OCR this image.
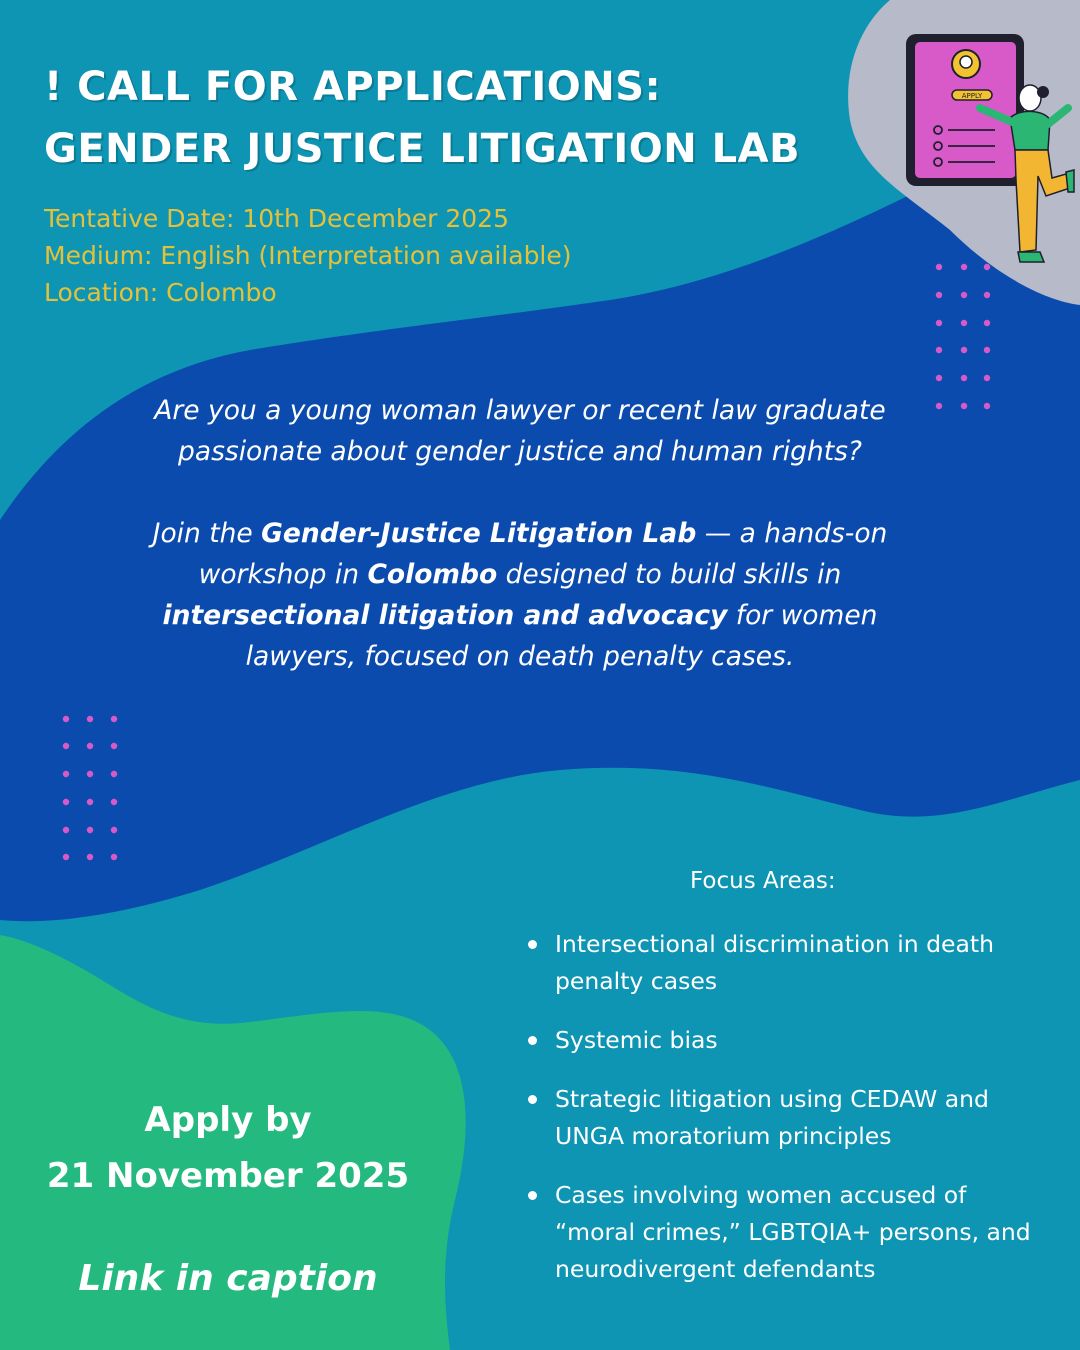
APPLY
! CALL FOR APPLICATIONS:
GENDER JUSTICE LITIGATION LAB
Tentative Date: 10th December 2025
Medium: English (Interpretation available)
Location: Colombo

Are you a young woman lawyer or recent law graduate passionate about gender justice and human rights?

Join the Gender-Justice Litigation Lab — a hands-on workshop in Colombo designed to build skills in intersectional litigation and advocacy for women lawyers, focused on death penalty cases.

Focus Areas:
Intersectional discrimination in death penalty cases
Systemic bias
Strategic litigation using CEDAW and UNGA moratorium principles
Cases involving women accused of “moral crimes,” LGBTQIA+ persons, and neurodivergent defendants
Apply by
21 November 2025
Link in caption
